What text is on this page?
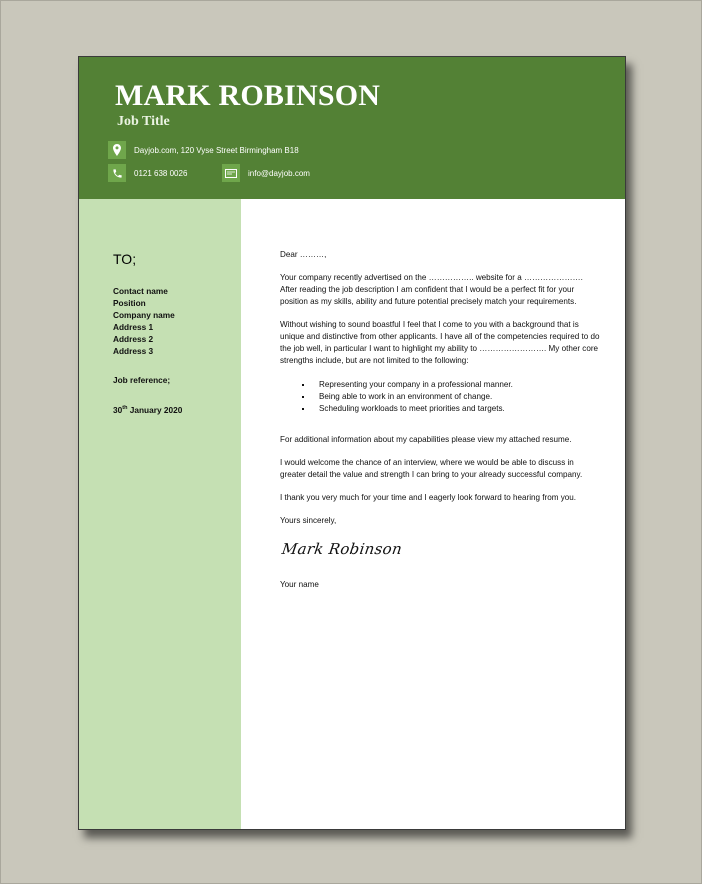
MARK ROBINSON
Job Title
Dayjob.com, 120 Vyse Street Birmingham B18
0121 638 0026	info@dayjob.com
TO;
Contact name
Position
Company name
Address 1
Address 2
Address 3
Job reference;
30th January 2020

Dear ………,

Your company recently advertised on the …………….. website for a …………………. After reading the job description I am confident that I would be a perfect fit for your position as my skills, ability and future potential precisely match your requirements.

Without wishing to sound boastful I feel that I come to you with a background that is unique and distinctive from other applicants. I have all of the competencies required to do the job well, in particular I want to highlight my ability to ……………………. My other core strengths include, but are not limited to the following:

▪ Representing your company in a professional manner.
▪ Being able to work in an environment of change.
▪ Scheduling workloads to meet priorities and targets.

For additional information about my capabilities please view my attached resume.

I would welcome the chance of an interview, where we would be able to discuss in greater detail the value and strength I can bring to your already successful company.

I thank you very much for your time and I eagerly look forward to hearing from you.

Yours sincerely,

Mark Robinson

Your name
